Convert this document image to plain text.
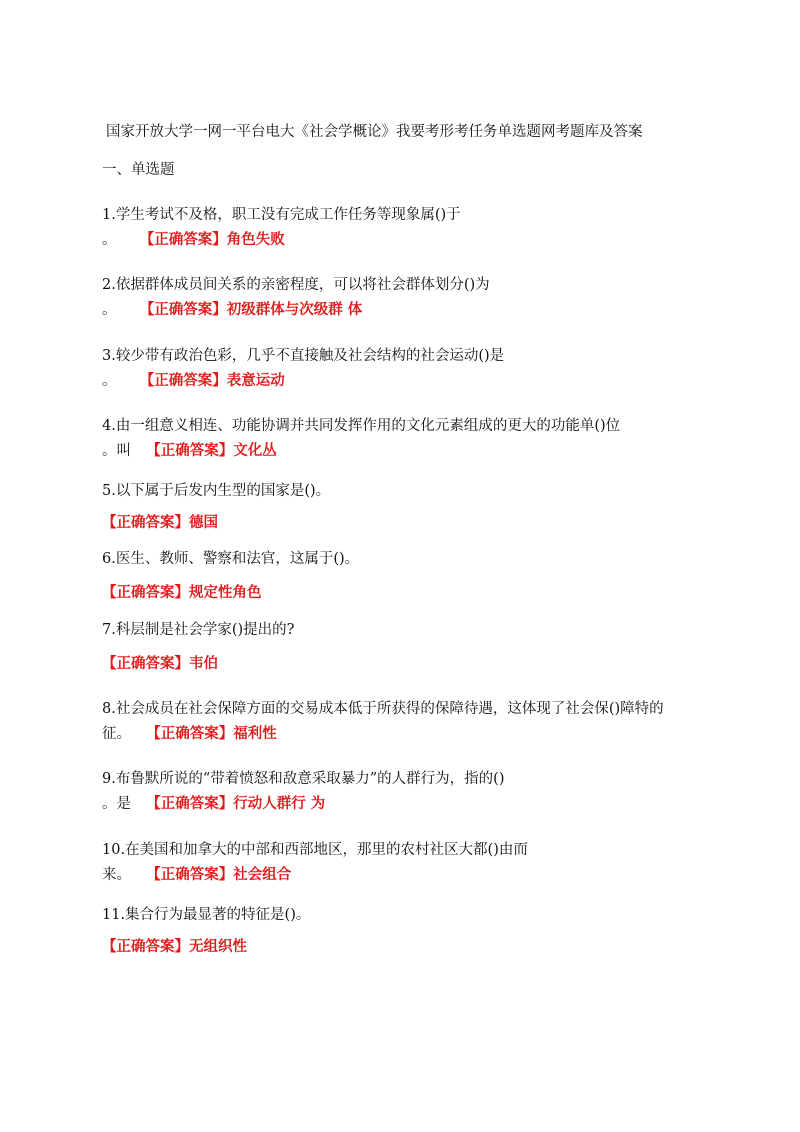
国家开放大学一网一平台电大《社会学概论》我要考形考任务单选题网考题库及答案
一、单选题
1.学生考试不及格，职工没有完成工作任务等现象属()于
。 【正确答案】角色失败
2.依据群体成员间关系的亲密程度，可以将社会群体划分()为
。 【正确答案】初级群体与次级群 体
3.较少带有政治色彩，几乎不直接触及社会结构的社会运动()是
。 【正确答案】表意运动
4.由一组意义相连、功能协调并共同发挥作用的文化元素组成的更大的功能单()位
。叫 【正确答案】文化丛
5.以下属于后发内生型的国家是()。
【正确答案】德国
6.医生、教师、警察和法官，这属于()。
【正确答案】规定性角色
7.科层制是社会学家()提出的?
【正确答案】韦伯
8.社会成员在社会保障方面的交易成本低于所获得的保障待遇，这体现了社会保()障特的
征。 【正确答案】福利性
9.布鲁默所说的“带着愤怒和敌意采取暴力”的人群行为，指的()
。是 【正确答案】行动人群行 为
10.在美国和加拿大的中部和西部地区，那里的农村社区大都()由而
来。 【正确答案】社会组合
11.集合行为最显著的特征是()。
【正确答案】无组织性
